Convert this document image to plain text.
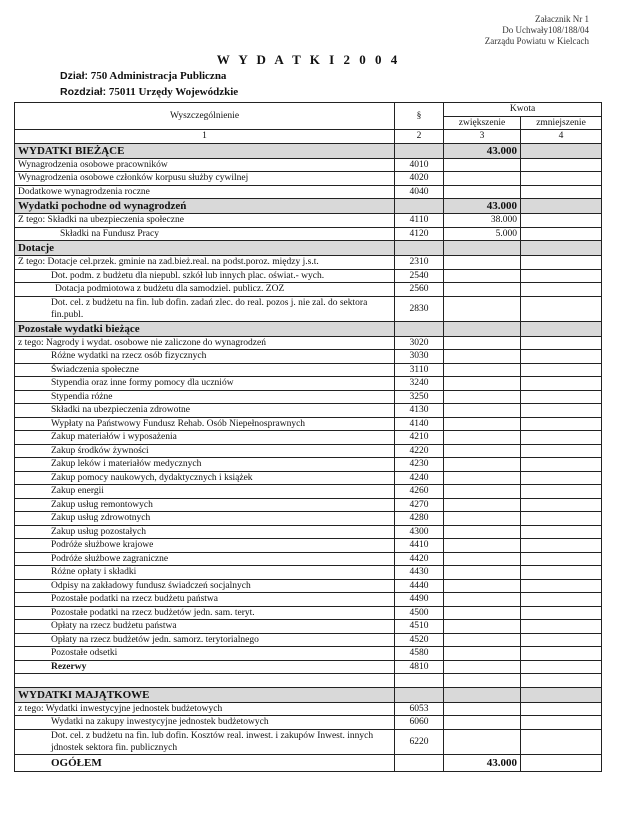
Załacznik Nr 1
Do Uchwały108/188/04
Zarządu Powiatu w Kielcach
W Y D A T K I 2 0 0 4
Dział: 750 Administracja Publiczna
Rozdział: 75011 Urzędy Wojewódzkie
Wyszczególnienie	§	Kwota	
		zwiększenie	zmniejszenie
1	2	3	4
WYDATKI BIEŻĄCE		43.000	
Wynagrodzenia osobowe pracowników	4010		
Wynagrodzenia osobowe członków korpusu służby cywilnej	4020		
Dodatkowe wynagrodzenia roczne	4040		
Wydatki pochodne od wynagrodzeń		43.000	
Z tego: Składki na ubezpieczenia społeczne	4110	38.000	
Składki na Fundusz Pracy	4120	5.000	
Dotacje			
Z tego: Dotacje cel.przek. gminie na zad.bież.real. na podst.poroz. między j.s.t.	2310		
Dot. podm. z budżetu dla niepubl. szkół lub innych plac. oświat.- wych.	2540		
Dotacja podmiotowa z budżetu dla samodziel. publicz. ZOZ	2560		
Dot. cel. z budżetu na fin. lub dofin. zadań zlec. do real. pozos j. nie zal. do sektora fin.publ.	2830		
Pozostałe wydatki bieżące			
z tego: Nagrody i wydat. osobowe nie zaliczone do wynagrodzeń	3020		
Różne wydatki na rzecz osób fizycznych	3030		
Świadczenia społeczne	3110		
Stypendia oraz inne formy pomocy dla uczniów	3240		
Stypendia różne	3250		
Składki na ubezpieczenia zdrowotne	4130		
Wypłaty na Państwowy Fundusz Rehab. Osób Niepełnosprawnych	4140		
Zakup materiałów i wyposażenia	4210		
Zakup środków żywności	4220		
Zakup leków i materiałów medycznych	4230		
Zakup pomocy naukowych, dydaktycznych i książek	4240		
Zakup energii	4260		
Zakup usług remontowych	4270		
Zakup usług zdrowotnych	4280		
Zakup usług pozostałych	4300		
Podróże służbowe krajowe	4410		
Podróże służbowe zagraniczne	4420		
Różne opłaty i składki	4430		
Odpisy na zakładowy fundusz świadczeń socjalnych	4440		
Pozostałe podatki na rzecz budżetu państwa	4490		
Pozostałe podatki na rzecz budżetów jedn. sam. teryt.	4500		
Opłaty na rzecz budżetu państwa	4510		
Opłaty na rzecz budżetów jedn. samorz. terytorialnego	4520		
Pozostałe odsetki	4580		
Rezerwy	4810		

WYDATKI MAJĄTKOWE			
z tego: Wydatki inwestycyjne jednostek budżetowych	6053		
Wydatki na zakupy inwestycyjne jednostek budżetowych	6060		
Dot. cel. z budżetu na fin. lub dofin. Kosztów real. inwest. i zakupów Inwest. innych jdnostek sektora fin. publicznych	6220		
OGÓŁEM		43.000	
